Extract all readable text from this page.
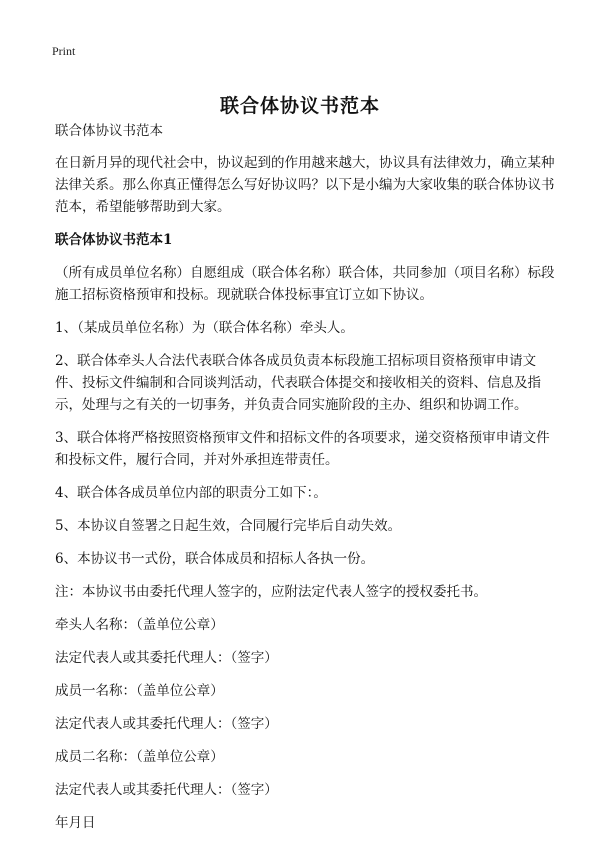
Print
联合体协议书范本

联合体协议书范本

在日新月异的现代社会中，协议起到的作用越来越大，协议具有法律效力，确立某种法律关系。那么你真正懂得怎么写好协议吗？以下是小编为大家收集的联合体协议书范本，希望能够帮助到大家。

联合体协议书范本1

（所有成员单位名称）自愿组成（联合体名称）联合体，共同参加（项目名称）标段施工招标资格预审和投标。现就联合体投标事宜订立如下协议。

1、（某成员单位名称）为（联合体名称）牵头人。

2、联合体牵头人合法代表联合体各成员负责本标段施工招标项目资格预审申请文件、投标文件编制和合同谈判活动，代表联合体提交和接收相关的资料、信息及指示，处理与之有关的一切事务，并负责合同实施阶段的主办、组织和协调工作。

3、联合体将严格按照资格预审文件和招标文件的各项要求，递交资格预审申请文件和投标文件，履行合同，并对外承担连带责任。

4、联合体各成员单位内部的职责分工如下：。

5、本协议自签署之日起生效，合同履行完毕后自动失效。

6、本协议书一式份，联合体成员和招标人各执一份。

注：本协议书由委托代理人签字的，应附法定代表人签字的授权委托书。

牵头人名称：（盖单位公章）

法定代表人或其委托代理人：（签字）

成员一名称：（盖单位公章）

法定代表人或其委托代理人：（签字）

成员二名称：（盖单位公章）

法定代表人或其委托代理人：（签字）

年月日
